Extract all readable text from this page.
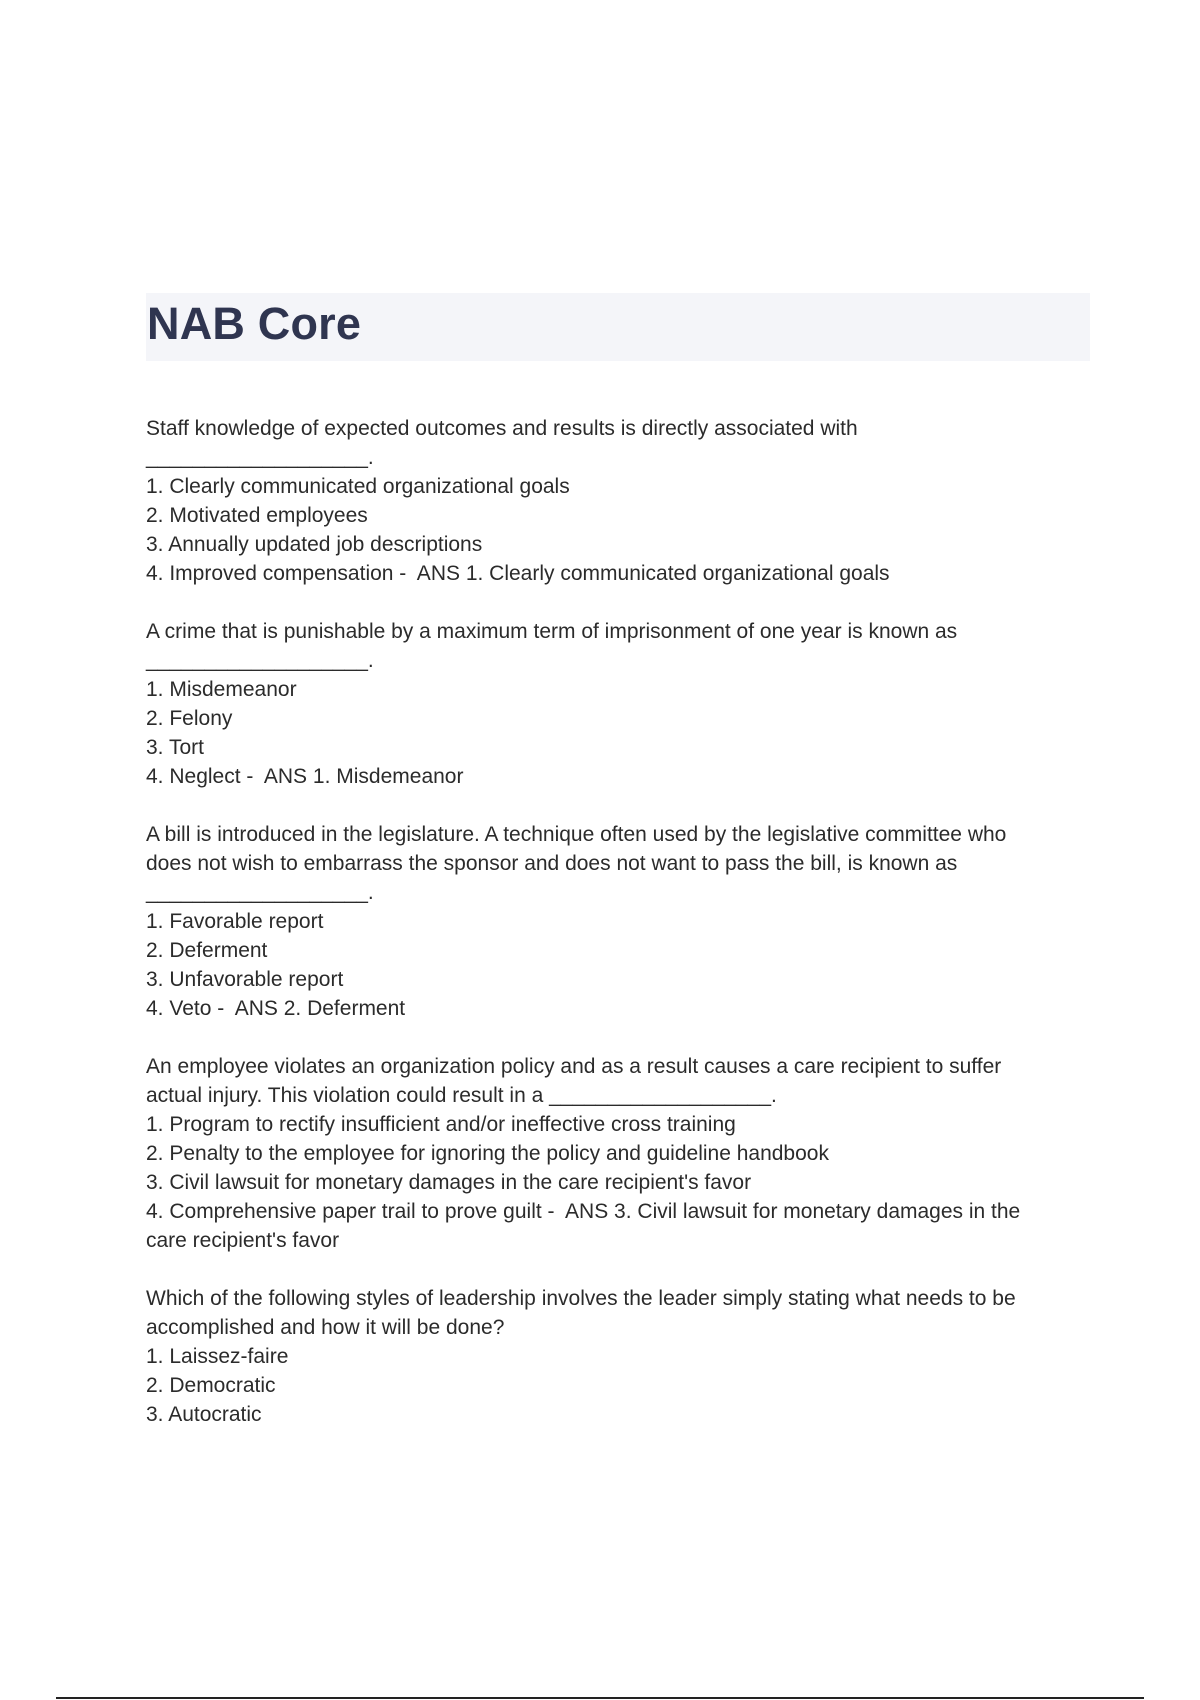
NAB Core

Staff knowledge of expected outcomes and results is directly associated with

___________________.

1. Clearly communicated organizational goals

2. Motivated employees

3. Annually updated job descriptions

4. Improved compensation -  ANS 1. Clearly communicated organizational goals

A crime that is punishable by a maximum term of imprisonment of one year is known as

___________________.

1. Misdemeanor

2. Felony

3. Tort

4. Neglect -  ANS 1. Misdemeanor

A bill is introduced in the legislature. A technique often used by the legislative committee who

does not wish to embarrass the sponsor and does not want to pass the bill, is known as

___________________.

1. Favorable report

2. Deferment

3. Unfavorable report

4. Veto -  ANS 2. Deferment

An employee violates an organization policy and as a result causes a care recipient to suffer

actual injury. This violation could result in a ___________________.

1. Program to rectify insufficient and/or ineffective cross training

2. Penalty to the employee for ignoring the policy and guideline handbook

3. Civil lawsuit for monetary damages in the care recipient's favor

4. Comprehensive paper trail to prove guilt -  ANS 3. Civil lawsuit for monetary damages in the

care recipient's favor

Which of the following styles of leadership involves the leader simply stating what needs to be

accomplished and how it will be done?

1. Laissez-faire

2. Democratic

3. Autocratic
